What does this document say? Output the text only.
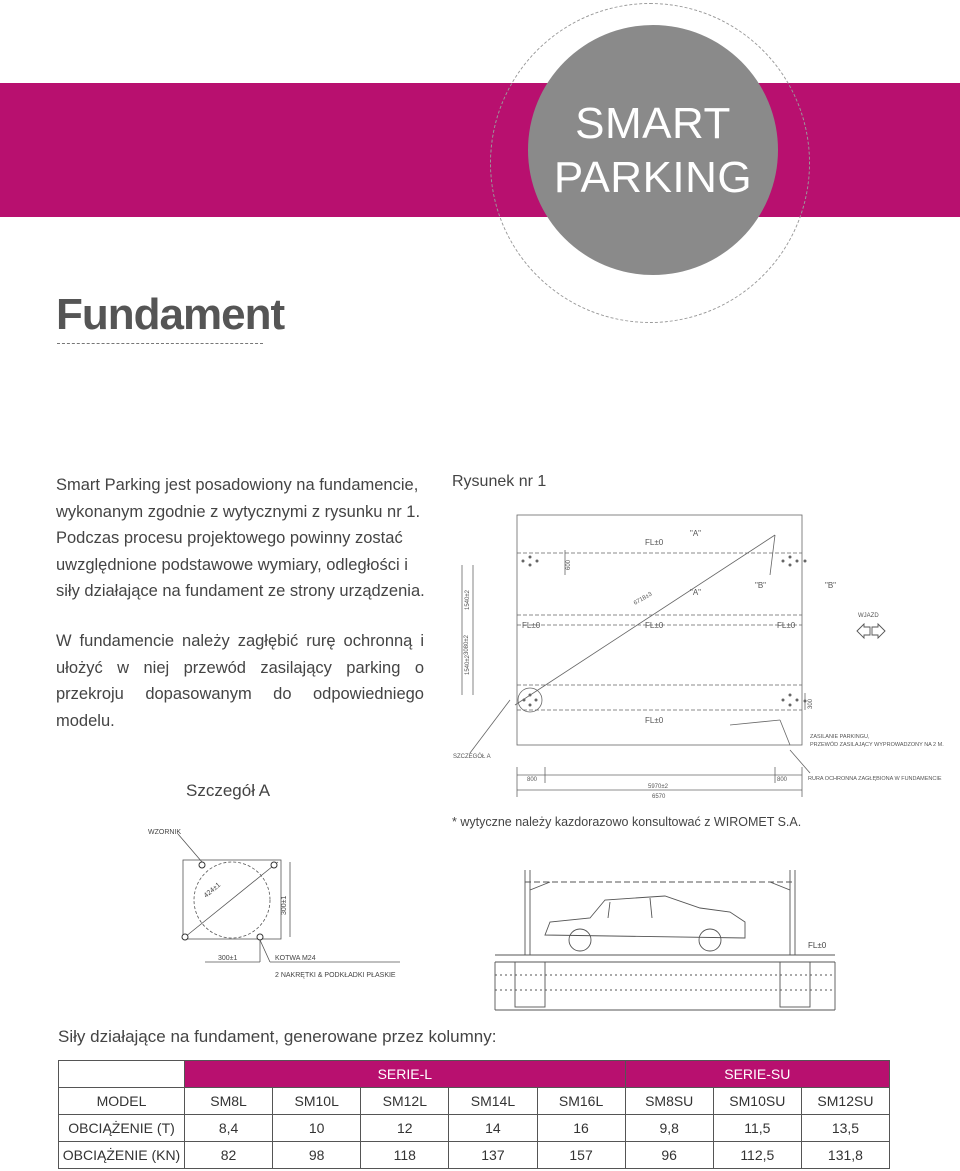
SMART
PARKING
Fundament

Smart Parking jest posadowiony na fundamencie, wykonanym zgodnie z wytycznymi z rysunku nr 1. Podczas procesu projektowego powinny zostać uwzględnione podstawowe wymiary, odległości i siły działające na fundament ze strony urządzenia.

W fundamencie należy zagłębić rurę ochronną i ułożyć w niej przewód zasilający parking o przekroju dopasowanym do odpowiedniego
modelu.

Rysunek nr 1
FL±0
"A"
"A"
"B"	"B"
FL±0	FL±0	FL±0
FL±0
6718±3
600
3080±2
1540±2
1540±2
WJAZD
300
ZASILANIE PARKINGU,
PRZEWÓD ZASILAJĄCY WYPROWADZONY NA 2 M.
SZCZEGÓŁ A
800	800
5970±2
6570
RURA OCHRONNA ZAGŁĘBIONA W FUNDAMENCIE
Szczegół A
* wytyczne należy kazdorazowo konsultować z WIROMET S.A.
WZORNIK
424±1
300±1
300±1	KOTWA M24
2 NAKRĘTKI & PODKŁADKI PŁASKIE
FL±0
Siły działające na fundament, generowane przez kolumny:
	SERIE-L					SERIE-SU		
MODEL	SM8L	SM10L	SM12L	SM14L	SM16L	SM8SU	SM10SU	SM12SU
OBCIĄŻENIE (T)	8,4	10	12	14	16	9,8	11,5	13,5
OBCIĄŻENIE (KN)	82	98	118	137	157	96	112,5	131,8
